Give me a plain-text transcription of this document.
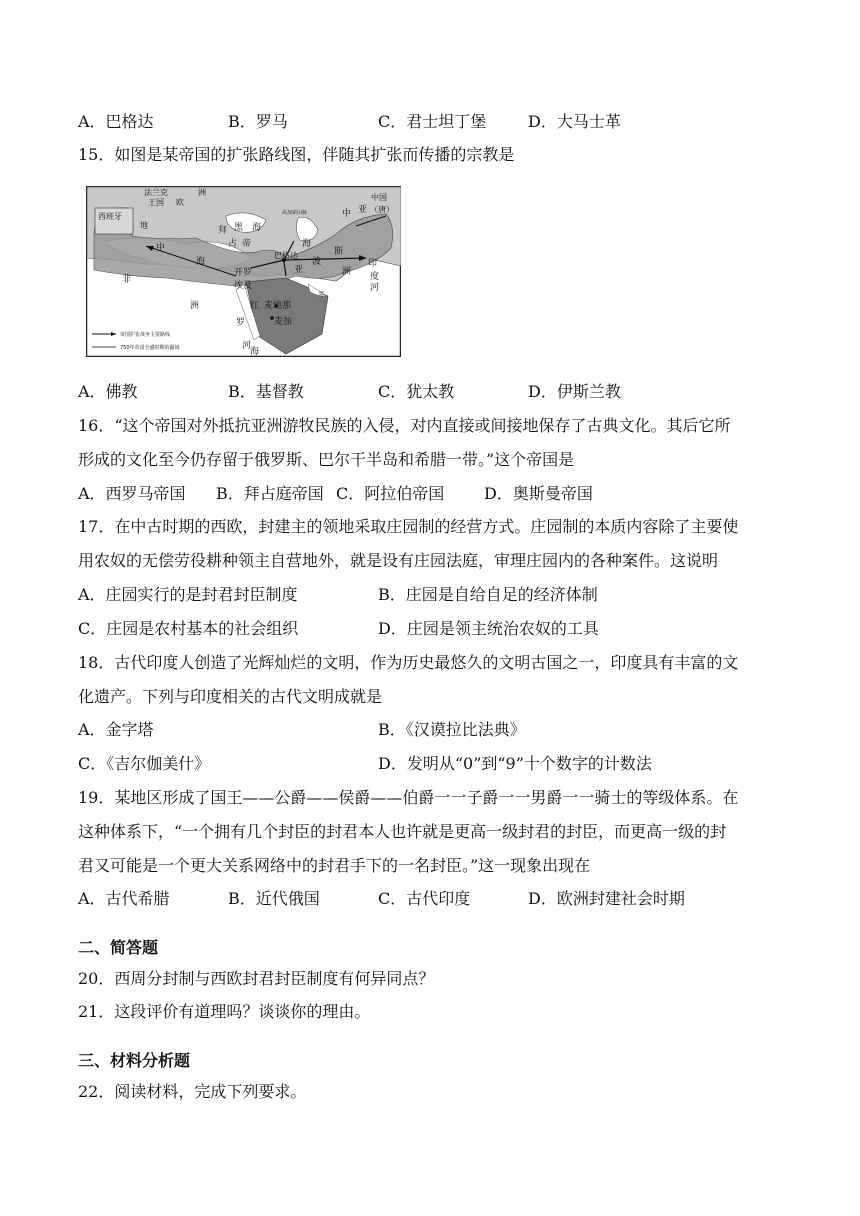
A．巴格达	B．罗马	C．君士坦丁堡	D．大马士革
15．如图是某帝国的扩张路线图，伴随其扩张而传播的宗教是
法兰克	洲
王国 欧
西班牙
地
中
海
黑 海
拜
占 帝
高加索山脉
海
中 亚
中国
（唐）
巴格达	斯
波
亚	洲
印
度
河
开罗
埃及
麦地那
麦加
红
罗
海
河
非
洲
湾
帝国扩张战争主要路线
750年帝国全盛时期的疆域
A．佛教	B．基督教	C．犹太教	D．伊斯兰教
16．“这个帝国对外抵抗亚洲游牧民族的入侵，对内直接或间接地保存了古典文化。其后它所
形成的文化至今仍存留于俄罗斯、巴尔干半岛和希腊一带。”这个帝国是
A．西罗马帝国 B．拜占庭帝国 C．阿拉伯帝国 D．奥斯曼帝国
17．在中古时期的西欧，封建主的领地采取庄园制的经营方式。庄园制的本质内容除了主要使
用农奴的无偿劳役耕种领主自营地外，就是设有庄园法庭，审理庄园内的各种案件。这说明
A．庄园实行的是封君封臣制度	B．庄园是自给自足的经济体制
C．庄园是农村基本的社会组织	D．庄园是领主统治农奴的工具
18．古代印度人创造了光辉灿烂的文明，作为历史最悠久的文明古国之一，印度具有丰富的文
化遗产。下列与印度相关的古代文明成就是
A．金字塔	B．《汉谟拉比法典》
C．《吉尔伽美什》	D．发明从“0”到“9”十个数字的计数法
19．某地区形成了国王——公爵——侯爵——伯爵一一子爵一一男爵一一骑士的等级体系。在
这种体系下，“一个拥有几个封臣的封君本人也许就是更高一级封君的封臣，而更高一级的封
君又可能是一个更大关系网络中的封君手下的一名封臣。”这一现象出现在
A．古代希腊	B．近代俄国	C．古代印度	D．欧洲封建社会时期
二、简答题
20．西周分封制与西欧封君封臣制度有何异同点？
21．这段评价有道理吗？谈谈你的理由。
三、材料分析题
22．阅读材料，完成下列要求。
